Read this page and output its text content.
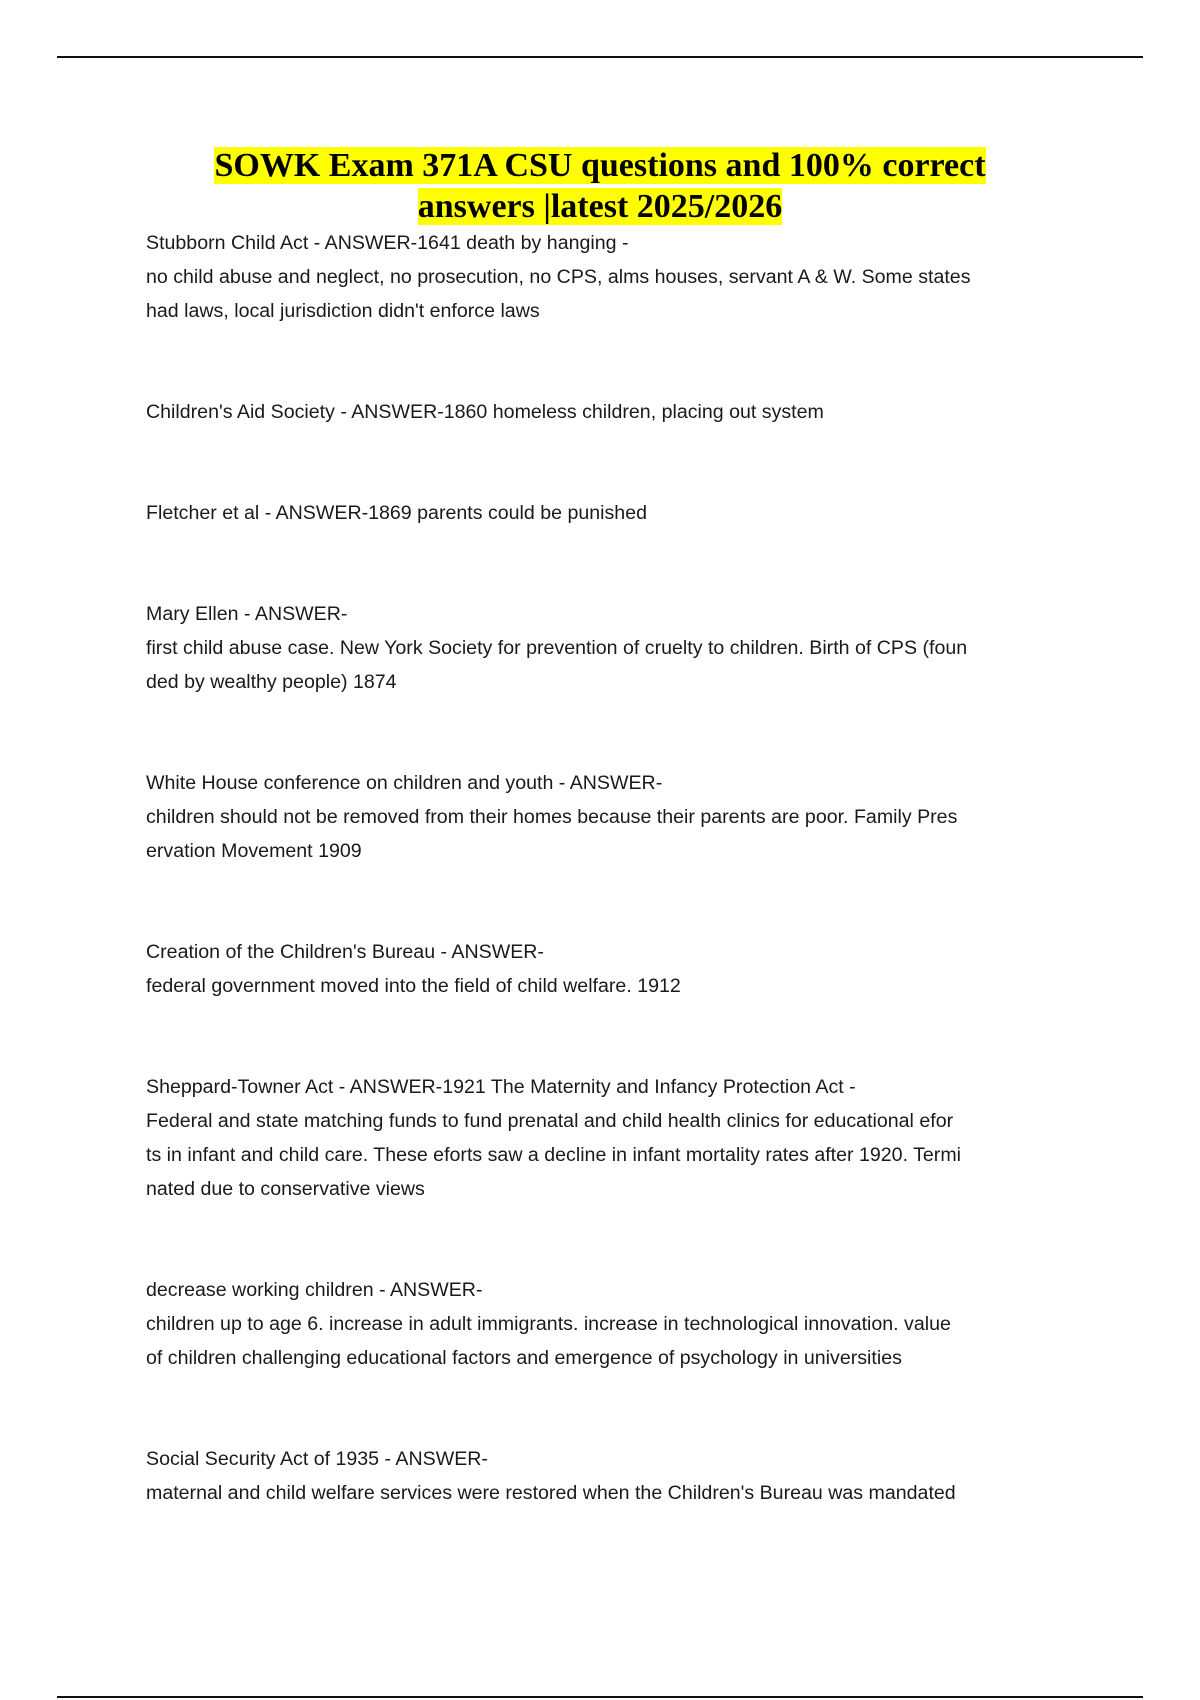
SOWK Exam 371A CSU questions and 100% correct
answers |latest 2025/2026

Stubborn Child Act - ANSWER-1641 death by hanging -

no child abuse and neglect, no prosecution, no CPS, alms houses, servant A & W. Some states

had laws, local jurisdiction didn't enforce laws

Children's Aid Society - ANSWER-1860 homeless children, placing out system

Fletcher et al - ANSWER-1869 parents could be punished

Mary Ellen - ANSWER-

first child abuse case. New York Society for prevention of cruelty to children. Birth of CPS (foun

ded by wealthy people) 1874

White House conference on children and youth - ANSWER-

children should not be removed from their homes because their parents are poor. Family Pres

ervation Movement 1909

Creation of the Children's Bureau - ANSWER-

federal government moved into the field of child welfare. 1912

Sheppard-Towner Act - ANSWER-1921 The Maternity and Infancy Protection Act -

Federal and state matching funds to fund prenatal and child health clinics for educational efor

ts in infant and child care. These eforts saw a decline in infant mortality rates after 1920. Termi

nated due to conservative views

decrease working children - ANSWER-

children up to age 6. increase in adult immigrants. increase in technological innovation. value

of children challenging educational factors and emergence of psychology in universities

Social Security Act of 1935 - ANSWER-

maternal and child welfare services were restored when the Children's Bureau was mandated
